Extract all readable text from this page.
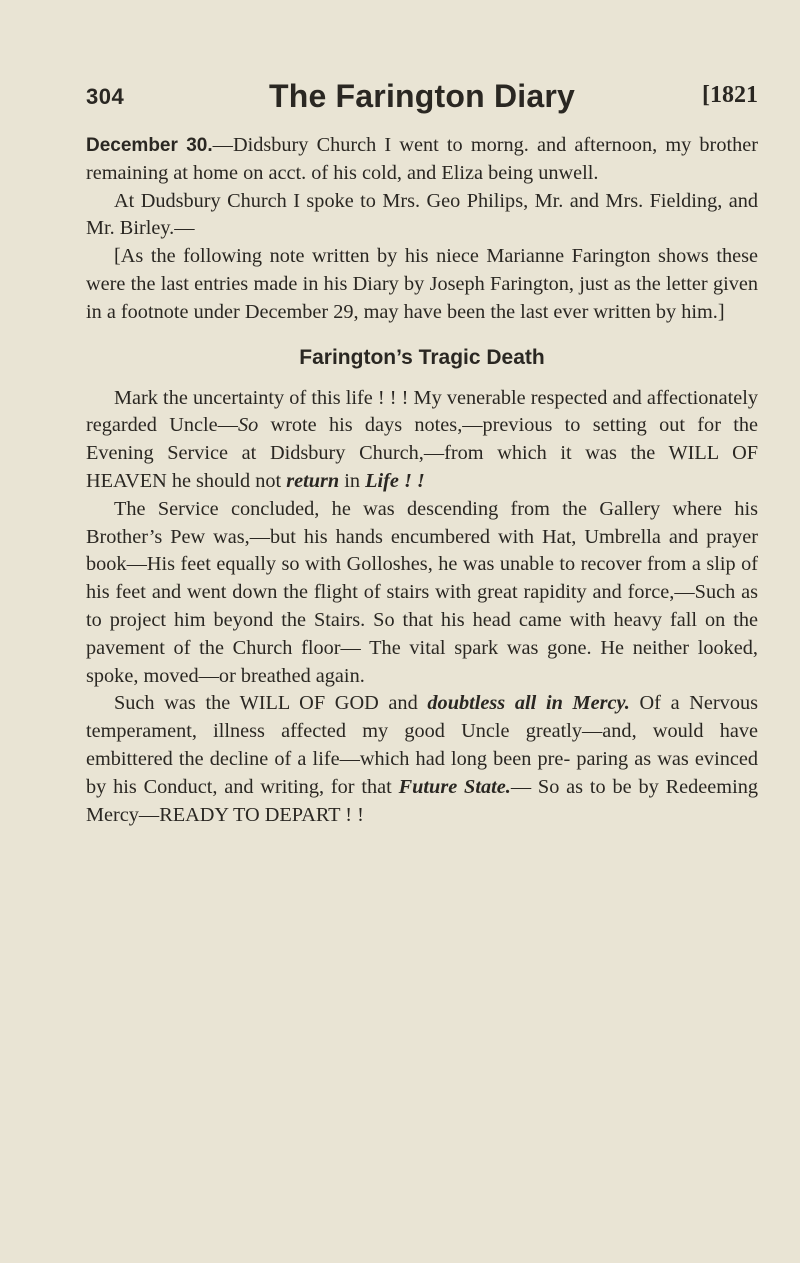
304	The Farington Diary	[1821

December 30.—Didsbury Church I went to morng. and afternoon, my brother remaining at home on acct. of his cold, and Eliza being unwell.

At Dudsbury Church I spoke to Mrs. Geo Philips, Mr. and Mrs. Fielding, and Mr. Birley.—

[As the following note written by his niece Marianne Farington shows these were the last entries made in his Diary by Joseph Farington, just as the letter given in a footnote under December 29, may have been the last ever written by him.]

Farington’s Tragic Death

Mark the uncertainty of this life ! ! ! My venerable respected and affectionately regarded Uncle—So wrote his days notes,—previous to setting out for the Evening Service at Didsbury Church,—from which it was the WILL OF HEAVEN he should not return in Life ! !

The Service concluded, he was descending from the Gallery where his Brother’s Pew was,—but his hands encumbered with Hat, Umbrella and prayer book—His feet equally so with Golloshes, he was unable to recover from a slip of his feet and went down the flight of stairs with great rapidity and force,—Such as to project him beyond the Stairs. So that his head came with heavy fall on the pavement of the Church floor— The vital spark was gone. He neither looked, spoke, moved—or breathed again.

Such was the WILL OF GOD and doubtless all in Mercy. Of a Nervous temperament, illness affected my good Uncle greatly—and, would have embittered the decline of a life—which had long been pre- paring as was evinced by his Conduct, and writing, for that Future State.— So as to be by Redeeming Mercy—READY TO DEPART ! !
